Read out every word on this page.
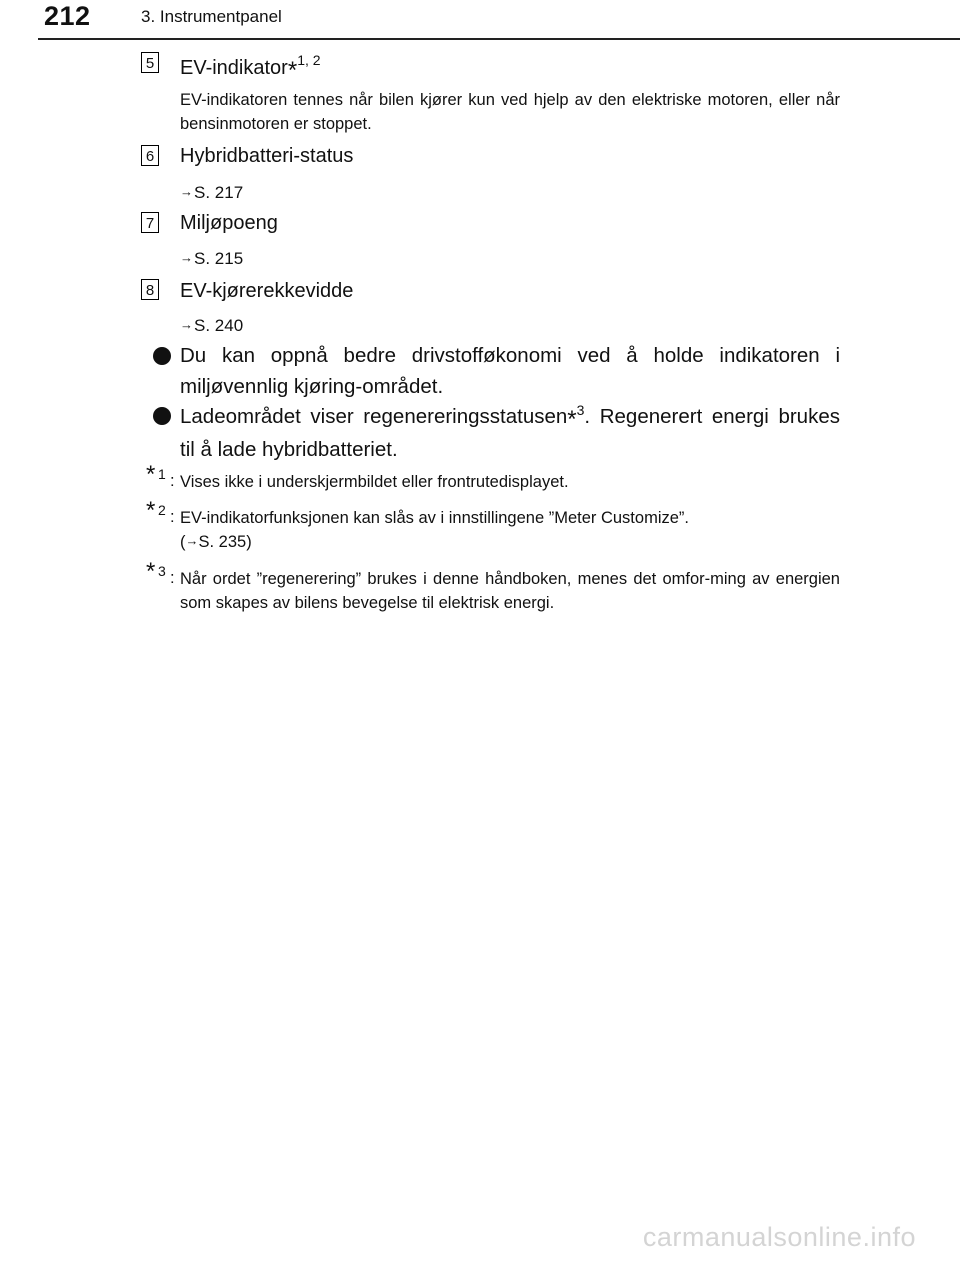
212	3. Instrumentpanel
5 EV-indikator*$^{1, 2}$
EV-indikatoren tennes når bilen kjører kun ved hjelp av den elektriske motoren, eller når bensinmotoren er stoppet.
6 Hybridbatteri-status
→S. 217
7 Miljøpoeng
→S. 215
8 EV-kjørerekkevidde
→S. 240
Du kan oppnå bedre drivstofføkonomi ved å holde indikatoren i miljøvennlig kjøring-området.
Ladeområdet viser regenereringsstatusen*$^3$. Regenerert energi brukes til å lade hybridbatteriet.
* 1 : Vises ikke i underskjermbildet eller frontrutedisplayet.
* 2 : EV-indikatorfunksjonen kan slås av i innstillingene ”Meter Customize”.
(→S. 235)
* 3 : Når ordet ”regenerering” brukes i denne håndboken, menes det omfor-ming av energien som skapes av bilens bevegelse til elektrisk energi.
carmanualsonline.info
